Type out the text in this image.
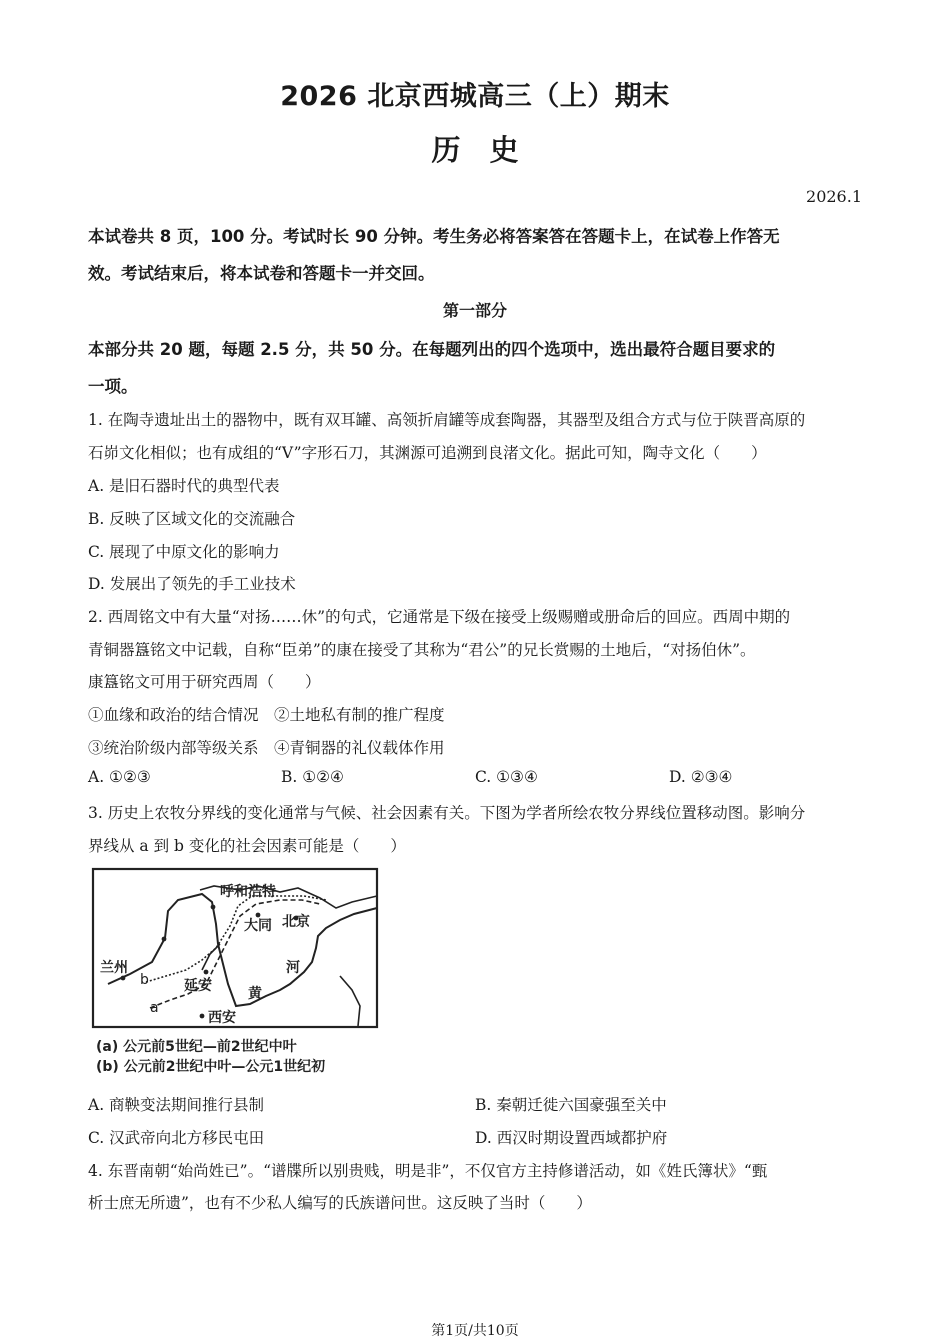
2026 北京西城高三（上）期末
历　史
2026.1
本试卷共 8 页，100 分。考试时长 90 分钟。考生务必将答案答在答题卡上，在试卷上作答无
效。考试结束后，将本试卷和答题卡一并交回。
第一部分
本部分共 20 题，每题 2.5 分，共 50 分。在每题列出的四个选项中，选出最符合题目要求的
一项。
1. 在陶寺遗址出土的器物中，既有双耳罐、高领折肩罐等成套陶器，其器型及组合方式与位于陕晋高原的
石峁文化相似；也有成组的“V”字形石刀，其渊源可追溯到良渚文化。据此可知，陶寺文化（　　）
A. 是旧石器时代的典型代表
B. 反映了区域文化的交流融合
C. 展现了中原文化的影响力
D. 发展出了领先的手工业技术
2. 西周铭文中有大量“对扬……休”的句式，它通常是下级在接受上级赐赠或册命后的回应。西周中期的
青铜器簋铭文中记载，自称“臣弟”的康在接受了其称为“君公”的兄长赏赐的土地后，“对扬伯休”。
康簋铭文可用于研究西周（　　）
①血缘和政治的结合情况　②土地私有制的推广程度
③统治阶级内部等级关系　④青铜器的礼仪载体作用
A. ①②③	B. ①②④	C. ①③④	D. ②③④
3. 历史上农牧分界线的变化通常与气候、社会因素有关。下图为学者所绘农牧分界线位置移动图。影响分
界线从 a 到 b 变化的社会因素可能是（　　）
呼和浩特
大同 北京
兰州
延安
西安
河
黄
a
b
(a) 公元前5世纪—前2世纪中叶
(b) 公元前2世纪中叶—公元1世纪初
A. 商鞅变法期间推行县制	B. 秦朝迁徙六国豪强至关中
C. 汉武帝向北方移民屯田	D. 西汉时期设置西域都护府
4. 东晋南朝“始尚姓已”。“谱牒所以别贵贱，明是非”，不仅官方主持修谱活动，如《姓氏簿状》“甄
析士庶无所遗”，也有不少私人编写的氏族谱问世。这反映了当时（　　）
第1页/共10页
